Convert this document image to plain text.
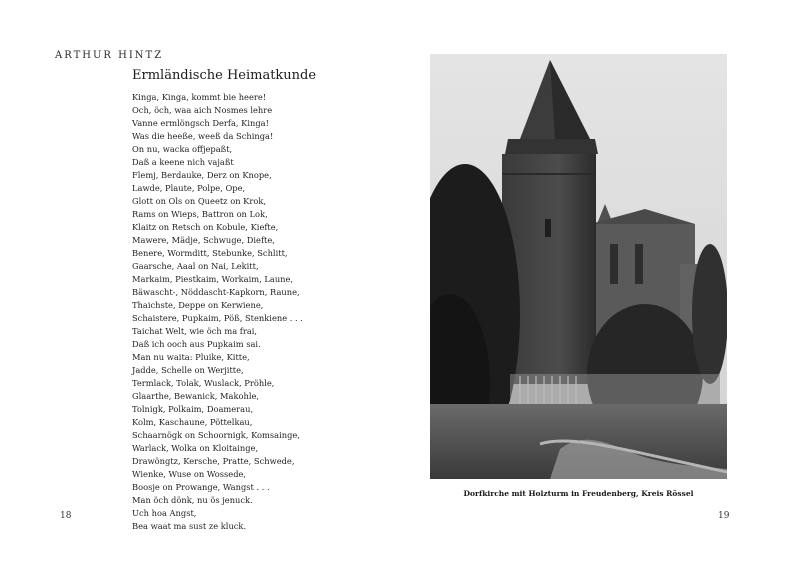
ARTHUR HINTZ
Ermländische Heimatkunde
Kinga, Kinga, kommt bie heere!
Och, öch, waa aich Nosmes lehre
Vanne ermlöngsch Derfa, Kinga!
Was die heeße, weeß da Schinga!
On nu, wacka offjepaßt,
Daß a keene nich vajaßt
Flemj, Berdauke, Derz on Knope,
Lawde, Plaute, Polpe, Ope,
Glott on Ols on Queetz on Krok,
Rams on Wieps, Battron on Lok,
Klaitz on Retsch on Kobule, Kiefte,
Mawere, Mädje, Schwuge, Diefte,
Benere, Wormditt, Stebunke, Schlitt,
Gaarsche, Aaal on Nai, Lekitt,
Markaim, Piestkaim, Workaim, Laune,
Bäwascht-, Nöddascht-Kapkorn, Raune,
Thaichste, Deppe on Kerwiene,
Schaistere, Pupkaim, Pöß, Stenkiene . . .
Taichat Welt, wie öch ma frai,
Daß ich ooch aus Pupkaim sai.
Man nu waita: Pluike, Kitte,
Jadde, Schelle on Werjitte,
Termlack, Tolak, Wuslack, Pröhle,
Glaarthe, Bewanick, Makohle,
Tolnigk, Polkaim, Doamerau,
Kolm, Kaschaune, Pöttelkau,
Schaarnögk on Schoornigk, Komsainge,
Warlack, Wolka on Kloitainge,
Drawöngtz, Kersche, Pratte, Schwede,
Wienke, Wuse on Wossede,
Boosje on Prowange, Wangst . . .
Man öch dönk, nu ös jenuck.
Uch hoa Angst,
Bea waat ma sust ze kluck.
18
Dorfkirche mit Holzturm in Freudenberg, Kreis Rössel
19
